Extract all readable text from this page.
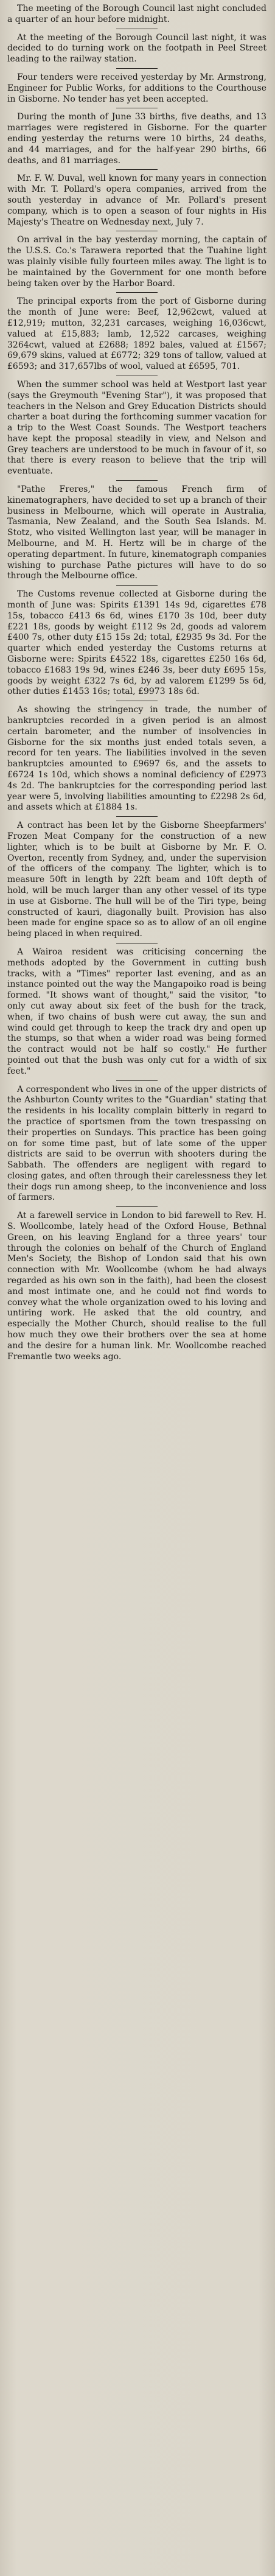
The meeting of the Borough Council last night concluded a quarter of an hour before midnight.

At the meeting of the Borough Council last night, it was decided to do turning work on the footpath in Peel Street leading to the railway station.

Four tenders were received yesterday by Mr. Armstrong, Engineer for Public Works, for additions to the Courthouse in Gisborne. No tender has yet been accepted.

During the month of June 33 births, five deaths, and 13 marriages were registered in Gisborne. For the quarter ending yesterday the returns were 10 births, 24 deaths, and 44 marriages, and for the half-year 290 births, 66 deaths, and 81 marriages.

Mr. F. W. Duval, well known for many years in connection with Mr. T. Pollard's opera companies, arrived from the south yesterday in advance of Mr. Pollard's present company, which is to open a season of four nights in His Majesty's Theatre on Wednesday next, July 7.

On arrival in the bay yesterday morning, the captain of the U.S.S. Co.'s Tarawera reported that the Tuahine light was plainly visible fully fourteen miles away. The light is to be maintained by the Government for one month before being taken over by the Harbor Board.

The principal exports from the port of Gisborne during the month of June were: Beef, 12,962cwt, valued at £12,919; mutton, 32,231 carcases, weighing 16,036cwt, valued at £15,883; lamb, 12,522 carcases, weighing 3264cwt, valued at £2688; 1892 bales, valued at £1567; 69,679 skins, valued at £6772; 329 tons of tallow, valued at £6593; and 317,657lbs of wool, valued at £6595, 701.

When the summer school was held at Westport last year (says the Greymouth "Evening Star"), it was proposed that teachers in the Nelson and Grey Education Districts should charter a boat during the forthcoming summer vacation for a trip to the West Coast Sounds. The Westport teachers have kept the proposal steadily in view, and Nelson and Grey teachers are understood to be much in favour of it, so that there is every reason to believe that the trip will eventuate.

"Pathe Freres," the famous French firm of kinematographers, have decided to set up a branch of their business in Melbourne, which will operate in Australia, Tasmania, New Zealand, and the South Sea Islands. M. Stotz, who visited Wellington last year, will be manager in Melbourne, and M. H. Hertz will be in charge of the operating department. In future, kinematograph companies wishing to purchase Pathe pictures will have to do so through the Melbourne office.

The Customs revenue collected at Gisborne during the month of June was: Spirits £1391 14s 9d, cigarettes £78 15s, tobacco £413 6s 6d, wines £170 3s 10d, beer duty £221 18s, goods by weight £112 9s 2d, goods ad valorem £400 7s, other duty £15 15s 2d; total, £2935 9s 3d. For the quarter which ended yesterday the Customs returns at Gisborne were: Spirits £4522 18s, cigarettes £250 16s 6d, tobacco £1683 19s 9d, wines £246 3s, beer duty £695 15s, goods by weight £322 7s 6d, by ad valorem £1299 5s 6d, other duties £1453 16s; total, £9973 18s 6d.

As showing the stringency in trade, the number of bankruptcies recorded in a given period is an almost certain barometer, and the number of insolvencies in Gisborne for the six months just ended totals seven, a record for ten years. The liabilities involved in the seven bankruptcies amounted to £9697 6s, and the assets to £6724 1s 10d, which shows a nominal deficiency of £2973 4s 2d. The bankruptcies for the corresponding period last year were 5, involving liabilities amounting to £2298 2s 6d, and assets which at £1884 1s.

A contract has been let by the Gisborne Sheepfarmers' Frozen Meat Company for the construction of a new lighter, which is to be built at Gisborne by Mr. F. O. Overton, recently from Sydney, and, under the supervision of the officers of the company. The lighter, which is to measure 50ft in length by 22ft beam and 10ft depth of hold, will be much larger than any other vessel of its type in use at Gisborne. The hull will be of the Tiri type, being constructed of kauri, diagonally built. Provision has also been made for engine space so as to allow of an oil engine being placed in when required.

A Wairoa resident was criticising concerning the methods adopted by the Government in cutting bush tracks, with a "Times" reporter last evening, and as an instance pointed out the way the Mangapoiko road is being formed. "It shows want of thought," said the visitor, "to only cut away about six feet of the bush for the track, when, if two chains of bush were cut away, the sun and wind could get through to keep the track dry and open up the stumps, so that when a wider road was being formed the contract would not be half so costly." He further pointed out that the bush was only cut for a width of six feet."

A correspondent who lives in one of the upper districts of the Ashburton County writes to the "Guardian" stating that the residents in his locality complain bitterly in regard to the practice of sportsmen from the town trespassing on their properties on Sundays. This practice has been going on for some time past, but of late some of the upper districts are said to be overrun with shooters during the Sabbath. The offenders are negligent with regard to closing gates, and often through their carelessness they let their dogs run among sheep, to the inconvenience and loss of farmers.

At a farewell service in London to bid farewell to Rev. H. S. Woollcombe, lately head of the Oxford House, Bethnal Green, on his leaving England for a three years' tour through the colonies on behalf of the Church of England Men's Society, the Bishop of London said that his own connection with Mr. Woollcombe (whom he had always regarded as his own son in the faith), had been the closest and most intimate one, and he could not find words to convey what the whole organization owed to his loving and untiring work. He asked that the old country, and especially the Mother Church, should realise to the full how much they owe their brothers over the sea at home and the desire for a human link. Mr. Woollcombe reached Fremantle two weeks ago.
